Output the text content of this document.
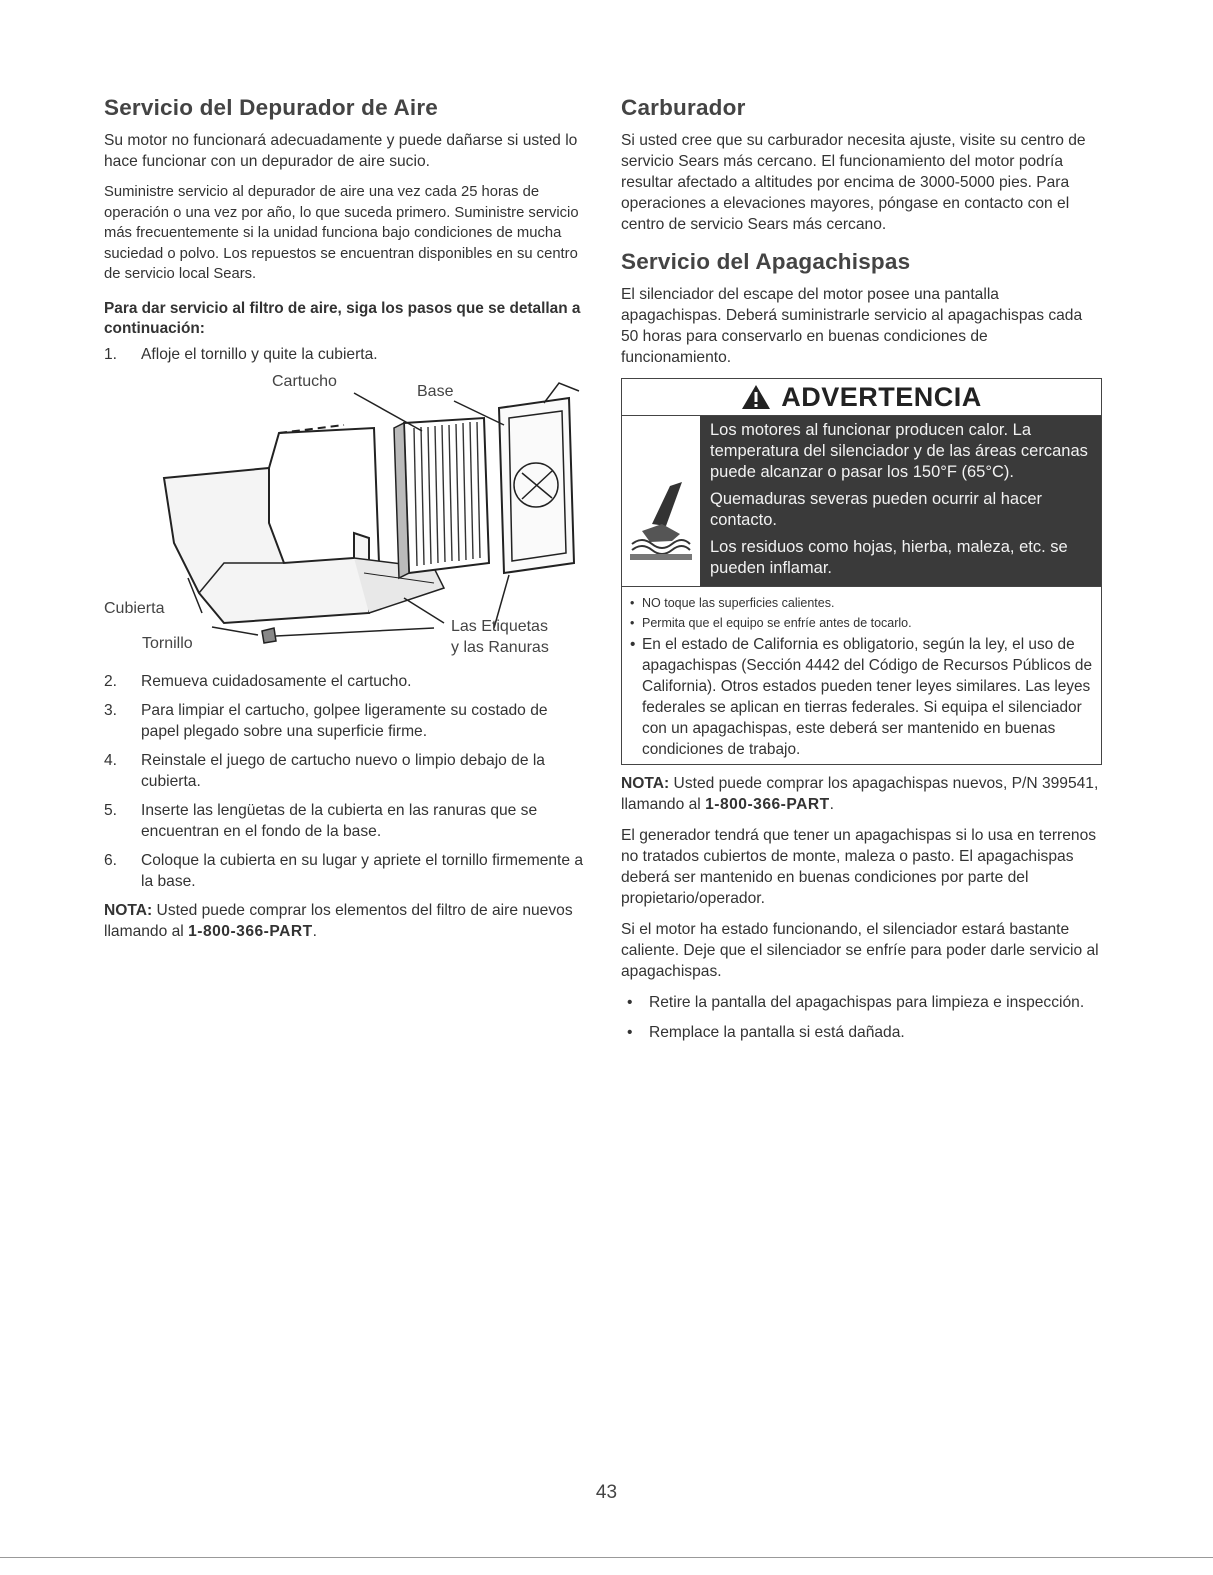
Servicio del Depurador de Aire

Su motor no funcionará adecuadamente y puede dañarse si usted lo hace funcionar con un depurador de aire sucio.

Suministre servicio al depurador de aire una vez cada 25 horas de operación o una vez por año, lo que suceda primero. Suministre servicio más frecuentemente si la unidad funciona bajo condiciones de mucha suciedad o polvo. Los repuestos se encuentran disponibles en su centro de servicio local Sears.

Para dar servicio al filtro de aire, siga los pasos que se detallan a continuación:
1. Afloje el tornillo y quite la cubierta.
Cartucho
Base
Cubierta
Tornillo
Las Etiquetas
y las Ranuras
2. Remueva cuidadosamente el cartucho.
3. Para limpiar el cartucho, golpee ligeramente su costado de papel plegado sobre una superficie firme.
4. Reinstale el juego de cartucho nuevo o limpio debajo de la cubierta.
5. Inserte las lengüetas de la cubierta en las ranuras que se encuentran en el fondo de la base.
6. Coloque la cubierta en su lugar y apriete el tornillo firmemente a la base.

NOTA: Usted puede comprar los elementos del filtro de aire nuevos llamando al 1-800-366-PART.

Carburador

Si usted cree que su carburador necesita ajuste, visite su centro de servicio Sears más cercano. El funcionamiento del motor podría resultar afectado a altitudes por encima de 3000-5000 pies. Para operaciones a elevaciones mayores, póngase en contacto con el centro de servicio Sears más cercano.

Servicio del Apagachispas

El silenciador del escape del motor posee una pantalla apagachispas. Deberá suministrarle servicio al apagachispas cada 50 horas para conservarlo en buenas condiciones de funcionamiento.

ADVERTENCIA
Los motores al funcionar producen calor. La temperatura del silenciador y de las áreas cercanas puede alcanzar o pasar los 150°F (65°C).
Quemaduras severas pueden ocurrir al hacer contacto.
Los residuos como hojas, hierba, maleza, etc. se pueden inflamar.
• NO toque las superficies calientes.
• Permita que el equipo se enfríe antes de tocarlo.
• En el estado de California es obligatorio, según la ley, el uso de apagachispas (Sección 4442 del Código de Recursos Públicos de California). Otros estados pueden tener leyes similares. Las leyes federales se aplican en tierras federales. Si equipa el silenciador con un apagachispas, este deberá ser mantenido en buenas condiciones de trabajo.

NOTA: Usted puede comprar los apagachispas nuevos, P/N 399541, llamando al 1-800-366-PART.

El generador tendrá que tener un apagachispas si lo usa en terrenos no tratados cubiertos de monte, maleza o pasto. El apagachispas deberá ser mantenido en buenas condiciones por parte del propietario/operador.

Si el motor ha estado funcionando, el silenciador estará bastante caliente. Deje que el silenciador se enfríe para poder darle servicio al apagachispas.

• Retire la pantalla del apagachispas para limpieza e inspección.
• Remplace la pantalla si está dañada.
43
